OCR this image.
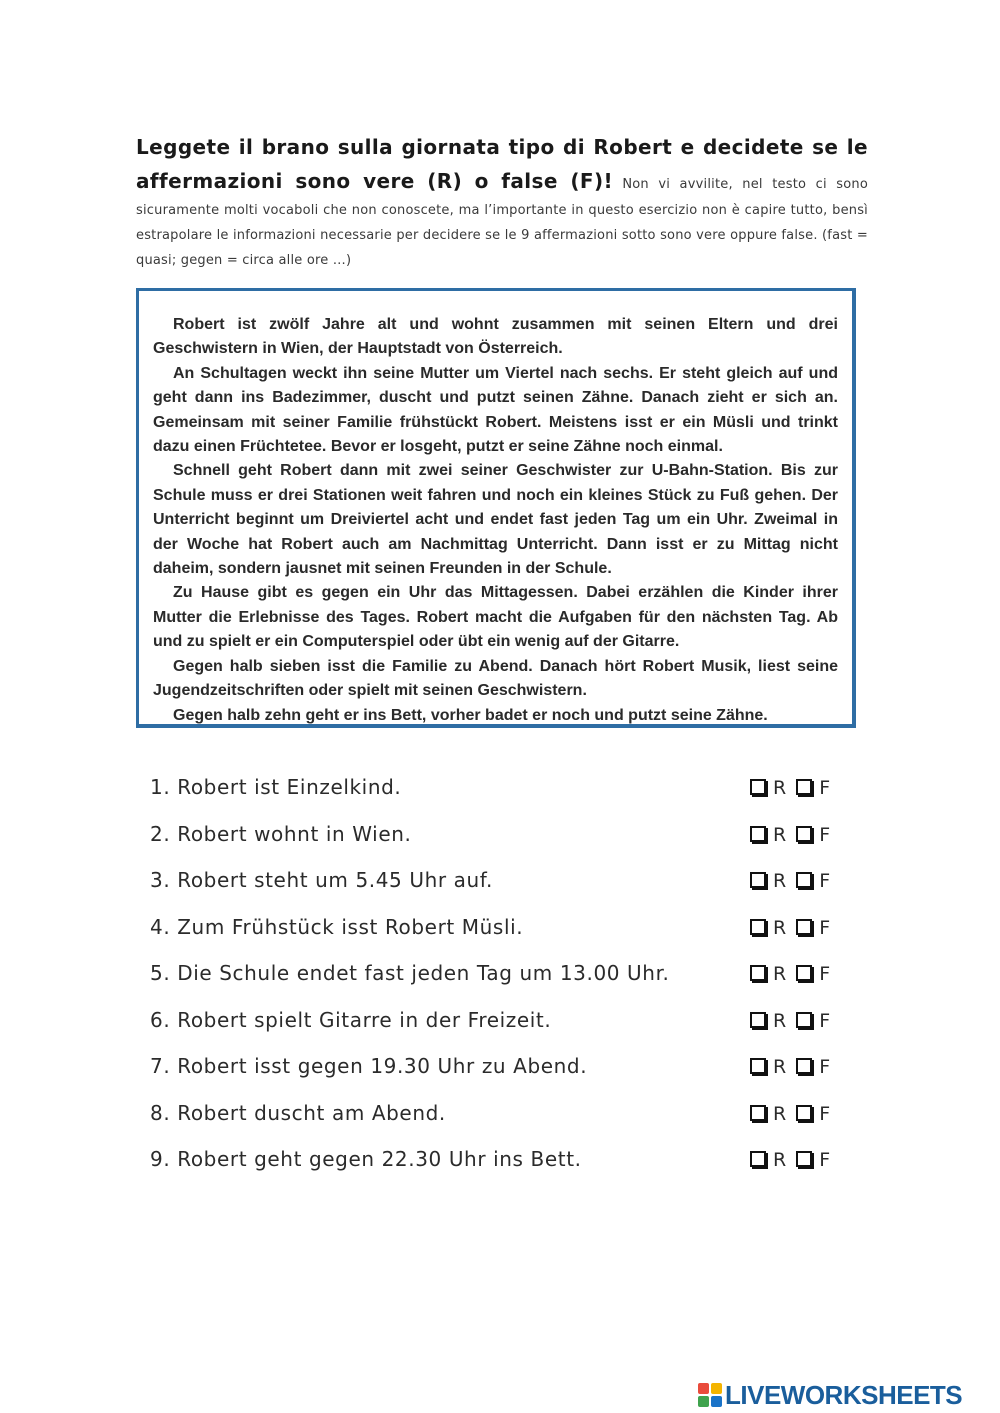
Leggete il brano sulla giornata tipo di Robert e decidete se le affermazioni sono vere (R) o false (F)! Non vi avvilite, nel testo ci sono sicuramente molti vocaboli che non conoscete, ma l’importante in questo esercizio non è capire tutto, bensì estrapolare le informazioni necessarie per decidere se le 9 affermazioni sotto sono vere oppure false. (fast = quasi; gegen = circa alle ore …)

Robert ist zwölf Jahre alt und wohnt zusammen mit seinen Eltern und drei Geschwistern in Wien, der Hauptstadt von Österreich.

An Schultagen weckt ihn seine Mutter um Viertel nach sechs. Er steht gleich auf und geht dann ins Badezimmer, duscht und putzt seinen Zähne. Danach zieht er sich an. Gemeinsam mit seiner Familie frühstückt Robert. Meistens isst er ein Müsli und trinkt dazu einen Früchtetee. Bevor er losgeht, putzt er seine Zähne noch einmal.

Schnell geht Robert dann mit zwei seiner Geschwister zur U-Bahn-Station. Bis zur Schule muss er drei Stationen weit fahren und noch ein kleines Stück zu Fuß gehen. Der Unterricht beginnt um Dreiviertel acht und endet fast jeden Tag um ein Uhr. Zweimal in der Woche hat Robert auch am Nachmittag Unterricht. Dann isst er zu Mittag nicht daheim, sondern jausnet mit seinen Freunden in der Schule.

Zu Hause gibt es gegen ein Uhr das Mittagessen. Dabei erzählen die Kinder ihrer Mutter die Erlebnisse des Tages. Robert macht die Aufgaben für den nächsten Tag. Ab und zu spielt er ein Computerspiel oder übt ein wenig auf der Gitarre.

Gegen halb sieben isst die Familie zu Abend. Danach hört Robert Musik, liest seine Jugendzeitschriften oder spielt mit seinen Geschwistern.

Gegen halb zehn geht er ins Bett, vorher badet er noch und putzt seine Zähne.

1. Robert ist Einzelkind.	R F
2. Robert wohnt in Wien.	R F
3. Robert steht um 5.45 Uhr auf.	R F
4. Zum Frühstück isst Robert Müsli.	R F
5. Die Schule endet fast jeden Tag um 13.00 Uhr.	R F
6. Robert spielt Gitarre in der Freizeit.	R F
7. Robert isst gegen 19.30 Uhr zu Abend.	R F
8. Robert duscht am Abend.	R F
9. Robert geht gegen 22.30 Uhr ins Bett.	R F
LIVEWORKSHEETS
